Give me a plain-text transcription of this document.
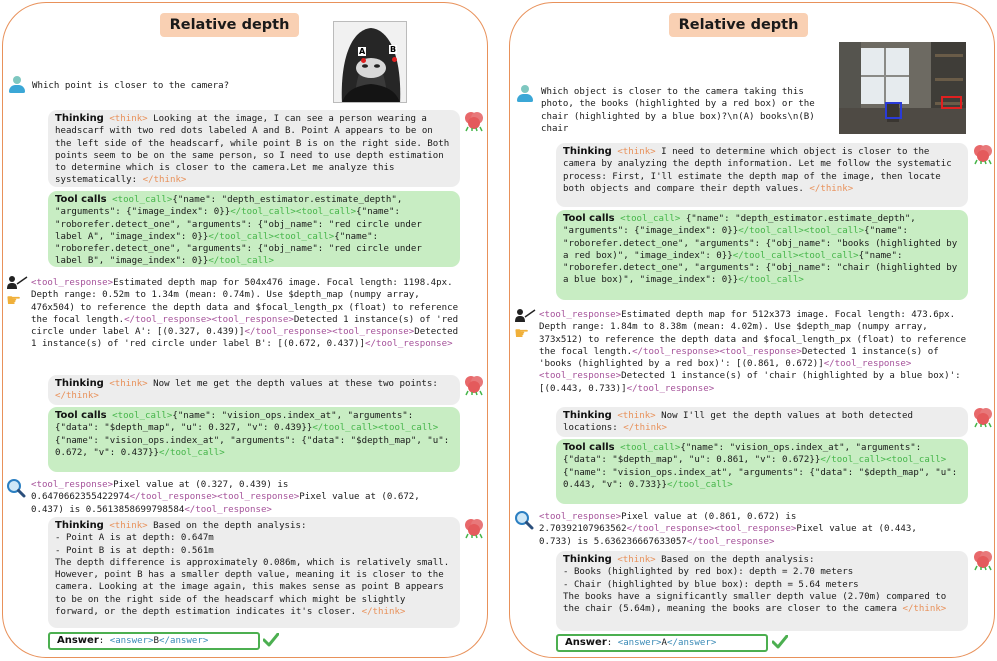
Relative depth
A	B
Which point is closer to the camera?
Thinking <think> Looking at the image, I can see a person wearing a headscarf with two red dots labeled A and B. Point A appears to be on the left side of the headscarf, while point B is on the right side. Both points seem to be on the same person, so I need to use depth estimation to determine which is closer to the camera.Let me analyze this systematically: </think>
Tool calls <tool_call>{"name": "depth_estimator.estimate_depth", "arguments": {"image_index": 0}}</tool_call><tool_call>{"name": "roborefer.detect_one", "arguments": {"obj_name": "red circle under label A", "image_index": 0}}</tool_call><tool_call>{"name": "roborefer.detect_one", "arguments": {"obj_name": "red circle under label B", "image_index": 0}}</tool_call>
☛
<tool_response>Estimated depth map for 504x476 image. Focal length: 1198.4px. Depth range: 0.52m to 1.34m (mean: 0.74m). Use $depth_map (numpy array, 476x504) to reference the depth data and $focal_length_px (float) to reference the focal length.</tool_response><tool_response>Detected 1 instance(s) of 'red circle under label A': [(0.327, 0.439)]</tool_response><tool_response>Detected 1 instance(s) of 'red circle under label B': [(0.672, 0.437)]</tool_response>
Thinking <think> Now let me get the depth values at these two points: </think>
Tool calls <tool_call>{"name": "vision_ops.index_at", "arguments": {"data": "$depth_map", "u": 0.327, "v": 0.439}}</tool_call><tool_call>{"name": "vision_ops.index_at", "arguments": {"data": "$depth_map", "u": 0.672, "v": 0.437}}</tool_call>
<tool_response>Pixel value at (0.327, 0.439) is 0.6470662355422974</tool_response><tool_response>Pixel value at (0.672, 0.437) is 0.5613858699798584</tool_response>
Thinking <think> Based on the depth analysis:
- Point A is at depth: 0.647m
- Point B is at depth: 0.561m
The depth difference is approximately 0.086m, which is relatively small. However, point B has a smaller depth value, meaning it is closer to the camera. Looking at the image again, this makes sense as point B appears to be on the right side of the headscarf which might be slightly forward, or the depth estimation indicates it's closer. </think>
Answer: <answer>B</answer>
Relative depth
Which object is closer to the camera taking this photo, the books (highlighted by a red box) or the chair (highlighted by a blue box)?\n(A) books\n(B) chair
Thinking <think> I need to determine which object is closer to the camera by analyzing the depth information. Let me follow the systematic process: First, I'll estimate the depth map of the image, then locate both objects and compare their depth values. </think>
Tool calls <tool_call> {"name": "depth_estimator.estimate_depth", "arguments": {"image_index": 0}}</tool_call><tool_call>{"name": "roborefer.detect_one", "arguments": {"obj_name": "books (highlighted by a red box)", "image_index": 0}}</tool_call><tool_call>{"name": "roborefer.detect_one", "arguments": {"obj_name": "chair (highlighted by a blue box)", "image_index": 0}}</tool_call>
☛
<tool_response>Estimated depth map for 512x373 image. Focal length: 473.6px. Depth range: 1.84m to 8.38m (mean: 4.02m). Use $depth_map (numpy array, 373x512) to reference the depth data and $focal_length_px (float) to reference the focal length.</tool_response><tool_response>Detected 1 instance(s) of 'books (highlighted by a red box)': [(0.861, 0.672)]</tool_response><tool_response>Detected 1 instance(s) of 'chair (highlighted by a blue box)': [(0.443, 0.733)]</tool_response>
Thinking <think> Now I'll get the depth values at both detected locations: </think>
Tool calls <tool_call>{"name": "vision_ops.index_at", "arguments": {"data": "$depth_map", "u": 0.861, "v": 0.672}}</tool_call><tool_call>{"name": "vision_ops.index_at", "arguments": {"data": "$depth_map", "u": 0.443, "v": 0.733}}</tool_call>
<tool_response>Pixel value at (0.861, 0.672) is 2.70392107963562</tool_response><tool_response>Pixel value at (0.443, 0.733) is 5.636236667633057</tool_response>
Thinking <think> Based on the depth analysis:
- Books (highlighted by red box): depth = 2.70 meters
- Chair (highlighted by blue box): depth = 5.64 meters
The books have a significantly smaller depth value (2.70m) compared to the chair (5.64m), meaning the books are closer to the camera </think>
Answer: <answer>A</answer>
